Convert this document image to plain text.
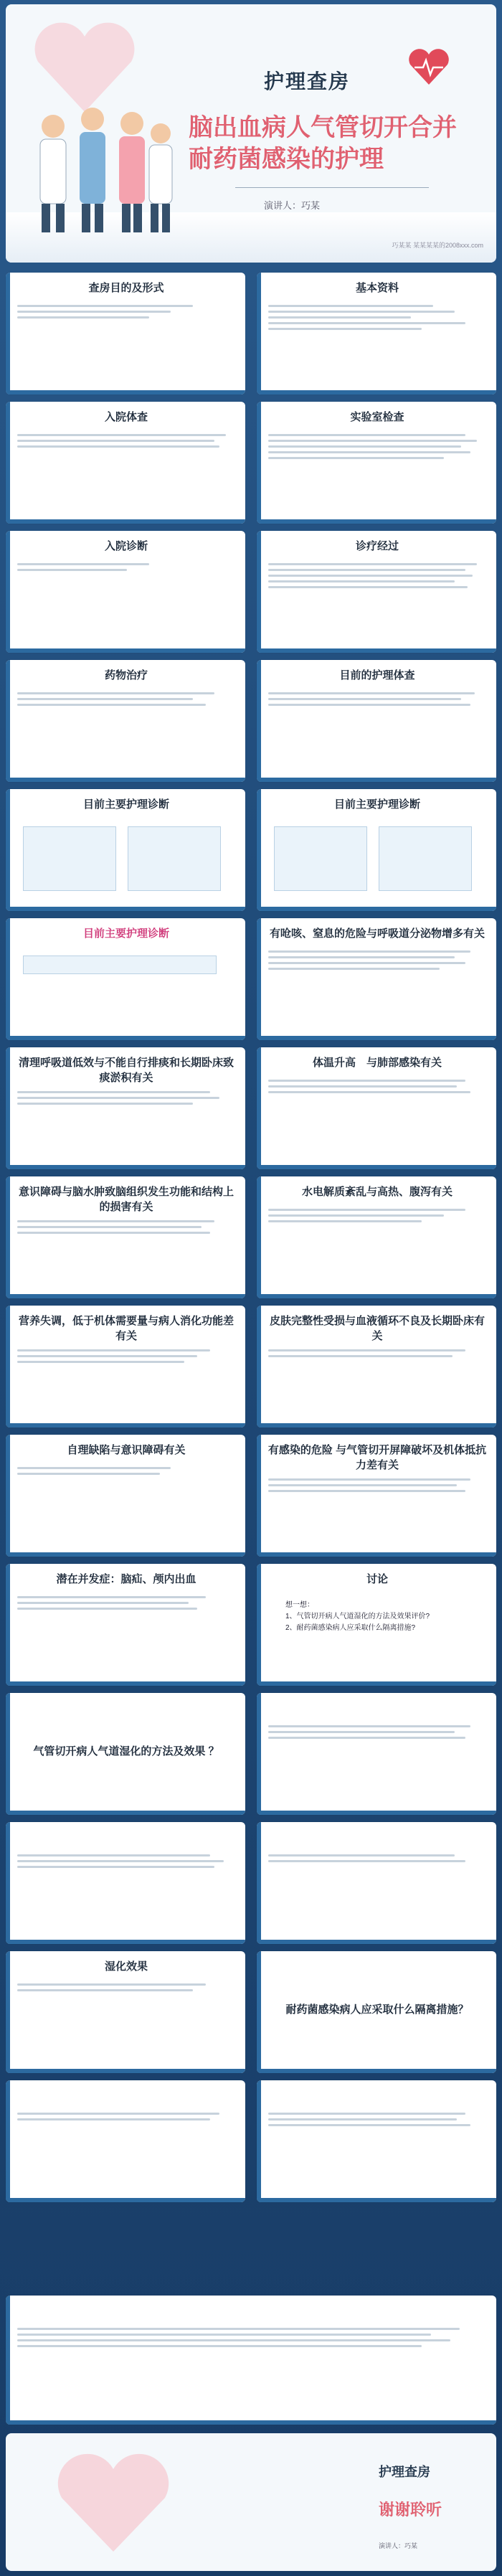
护理查房
脑出血病人气管切开合并耐药菌感染的护理
演讲人：巧某
巧某某 某某某某的2008xxx.com
查房目的及形式	基本资料
入院体查	实验室检查
入院诊断	诊疗经过
药物治疗	目前的护理体查
目前主要护理诊断	目前主要护理诊断
目前主要护理诊断	有呛咳、窒息的危险与呼吸道分泌物增多有关
清理呼吸道低效与不能自行排痰和长期卧床致痰淤积有关
体温升高　与肺部感染有关
意识障碍与脑水肿致脑组织发生功能和结构上的损害有关
水电解质紊乱与高热、腹泻有关
营养失调，低于机体需要量与病人消化功能差有关
皮肤完整性受损与血液循环不良及长期卧床有关
自理缺陷与意识障碍有关	有感染的危险 与气管切开屏障破坏及机体抵抗力差有关
潜在并发症：脑疝、颅内出血	讨论
想一想：
1、气管切开病人气道湿化的方法及效果评价?
2、耐药菌感染病人应采取什么隔离措施?
气管切开病人气道湿化的方法及效果 ？
湿化效果
耐药菌感染病人应采取什么隔离措施？
护理查房
谢谢聆听
演讲人：巧某
